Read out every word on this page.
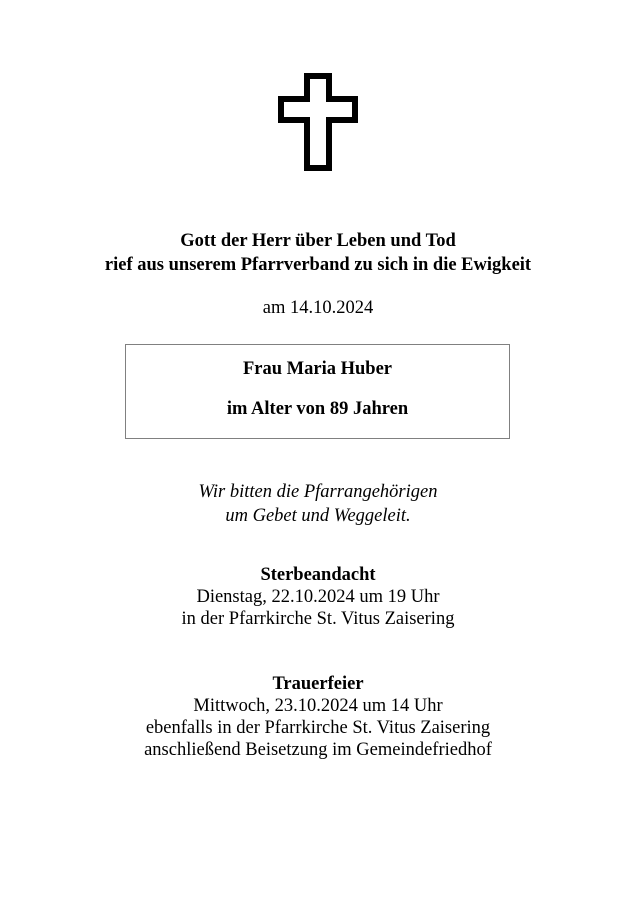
Gott der Herr über Leben und Tod
rief aus unserem Pfarrverband zu sich in die Ewigkeit
am 14.10.2024
Frau Maria Huber
im Alter von 89 Jahren
Wir bitten die Pfarrangehörigen
um Gebet und Weggeleit.
Sterbeandacht
Dienstag, 22.10.2024 um 19 Uhr
in der Pfarrkirche St. Vitus Zaisering
Trauerfeier
Mittwoch, 23.10.2024 um 14 Uhr
ebenfalls in der Pfarrkirche St. Vitus Zaisering
anschließend Beisetzung im Gemeindefriedhof
